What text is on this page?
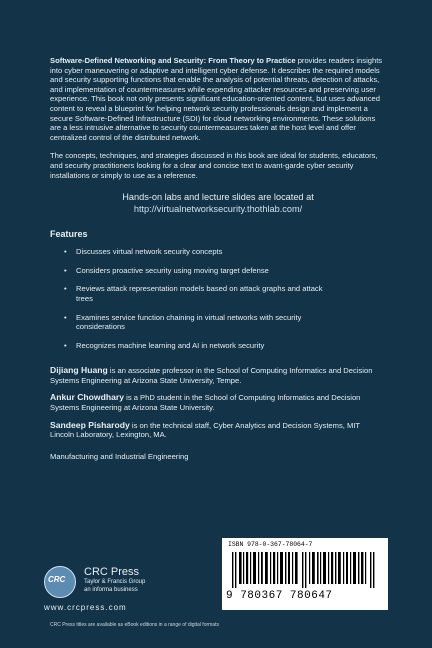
Software-Defined Networking and Security: From Theory to Practice provides readers insights into cyber maneuvering or adaptive and intelligent cyber defense. It describes the required models and security supporting functions that enable the analysis of potential threats, detection of attacks, and implementation of countermeasures while expending attacker resources and preserving user experience. This book not only presents significant education-oriented content, but uses advanced content to reveal a blueprint for helping network security professionals design and implement a secure Software-Defined Infrastructure (SDI) for cloud networking environments. These solutions are a less intrusive alternative to security countermeasures taken at the host level and offer centralized control of the distributed network.

The concepts, techniques, and strategies discussed in this book are ideal for students, educators, and security practitioners looking for a clear and concise text to avant-garde cyber security installations or simply to use as a reference.

Hands-on labs and lecture slides are located at
http://virtualnetworksecurity.thothlab.com/
Features
• Discusses virtual network security concepts
• Considers proactive security using moving target defense
• Reviews attack representation models based on attack graphs and attack trees
• Examines service function chaining in virtual networks with security considerations
• Recognizes machine learning and AI in network security

Dijiang Huang is an associate professor in the School of Computing Informatics and Decision Systems Engineering at Arizona State University, Tempe.

Ankur Chowdhary is a PhD student in the School of Computing Informatics and Decision Systems Engineering at Arizona State University.

Sandeep Pisharody is on the technical staff, Cyber Analytics and Decision Systems, MIT Lincoln Laboratory, Lexington, MA.

Manufacturing and Industrial Engineering
CRC
CRC Press
Taylor & Francis Group
an informa business
www.crcpress.com
CRC Press titles are available as eBook editions in a range of digital formats
ISBN 978-0-367-78064-7
9 780367 780647
